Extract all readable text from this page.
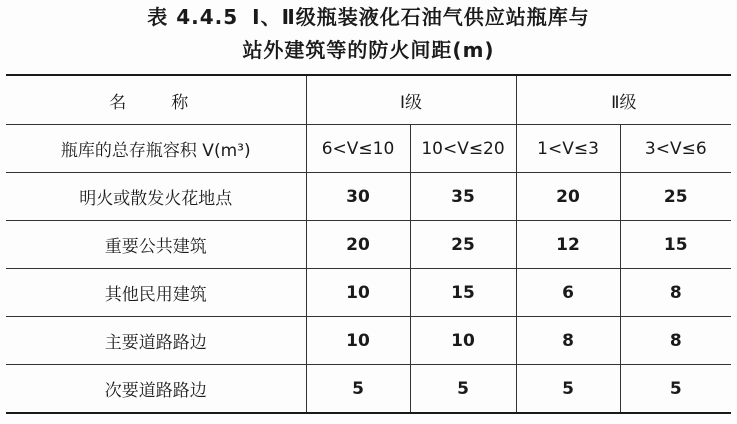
表 4.4.5 Ⅰ、Ⅱ级瓶装液化石油气供应站瓶库与
站外建筑等的防火间距(m)
名　称	Ⅰ级		Ⅱ级	
瓶库的总存瓶容积 V(m³)	6<V≤10	10<V≤20	1<V≤3	3<V≤6
明火或散发火花地点	30	35	20	25
重要公共建筑	20	25	12	15
其他民用建筑	10	15	6	8
主要道路路边	10	10	8	8
次要道路路边	5	5	5	5
